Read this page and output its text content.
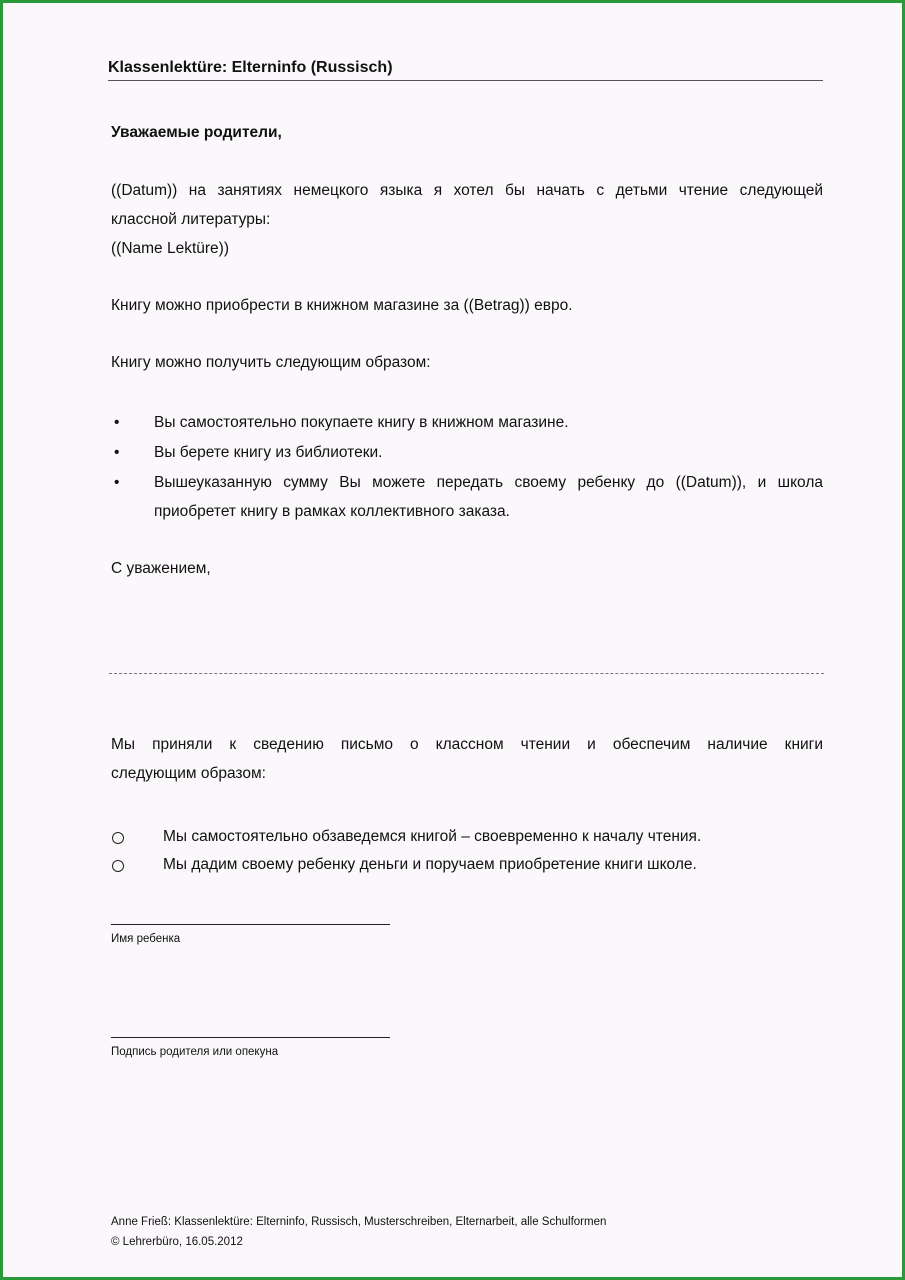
Klassenlektüre: Elterninfo (Russisch)
Уважаемые родители,
((Datum)) на занятиях немецкого языка я хотел бы начать с детьми чтение следующей
классной литературы:
((Name Lektüre))
Книгу можно приобрести в книжном магазине за ((Betrag)) евро.
Книгу можно получить следующим образом:
• Вы самостоятельно покупаете книгу в книжном магазине.
• Вы берете книгу из библиотеки.
• Вышеуказанную сумму Вы можете передать своему ребенку до ((Datum)), и школа
приобретет книгу в рамках коллективного заказа.
С уважением,
Мы приняли к сведению письмо о классном чтении и обеспечим наличие книги
следующим образом:
Мы самостоятельно обзаведемся книгой – своевременно к началу чтения.
Мы дадим своему ребенку деньги и поручаем приобретение книги школе.
Имя ребенка
Подпись родителя или опекуна
Anne Frieß: Klassenlektüre: Elterninfo, Russisch, Musterschreiben, Elternarbeit, alle Schulformen
© Lehrerbüro, 16.05.2012
